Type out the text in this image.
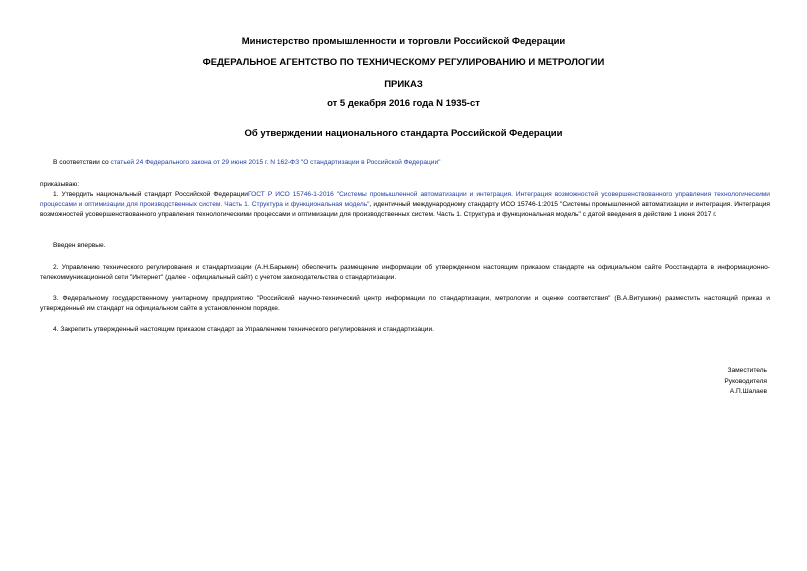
Министерство промышленности и торговли Российской Федерации
ФЕДЕРАЛЬНОЕ АГЕНТСТВО ПО ТЕХНИЧЕСКОМУ РЕГУЛИРОВАНИЮ И МЕТРОЛОГИИ
ПРИКАЗ
от 5 декабря 2016 года N 1935-ст
Об утверждении национального стандарта Российской Федерации
В соответствии со статьей 24 Федерального закона от 29 июня 2015 г. N 162-ФЗ "О стандартизации в Российской Федерации"
приказываю:
1. Утвердить национальный стандарт Российской ФедерацииГОСТ Р ИСО 15746-1-2016 "Системы промышленной автоматизации и интеграция. Интеграция возможностей усовершенствованного управления технологическими процессами и оптимизации для производственных систем. Часть 1. Структура и функциональная модель", идентичный международному стандарту ИСО 15746-1:2015 "Системы промышленной автоматизации и интеграция. Интеграция возможностей усовершенствованного управления технологическими процессами и оптимизации для производственных систем. Часть 1. Структура и функциональная модель" с датой введения в действие 1 июня 2017 г.
Введен впервые.
2. Управлению технического регулирования и стандартизации (А.Н.Барыкин) обеспечить размещение информации об утвержденном настоящим приказом стандарте на официальном сайте Росстандарта в информационно-телекоммуникационной сети "Интернет" (далее - официальный сайт) с учетом законодательства о стандартизации.
3. Федеральному государственному унитарному предприятию "Российский научно-технический центр информации по стандартизации, метрологии и оценке соответствия" (В.А.Витушкин) разместить настоящий приказ и утвержденный им стандарт на официальном сайте в установленном порядке.
4. Закрепить утвержденный настоящим приказом стандарт за Управлением технического регулирования и стандартизации.
Заместитель
Руководителя
А.П.Шалаев
